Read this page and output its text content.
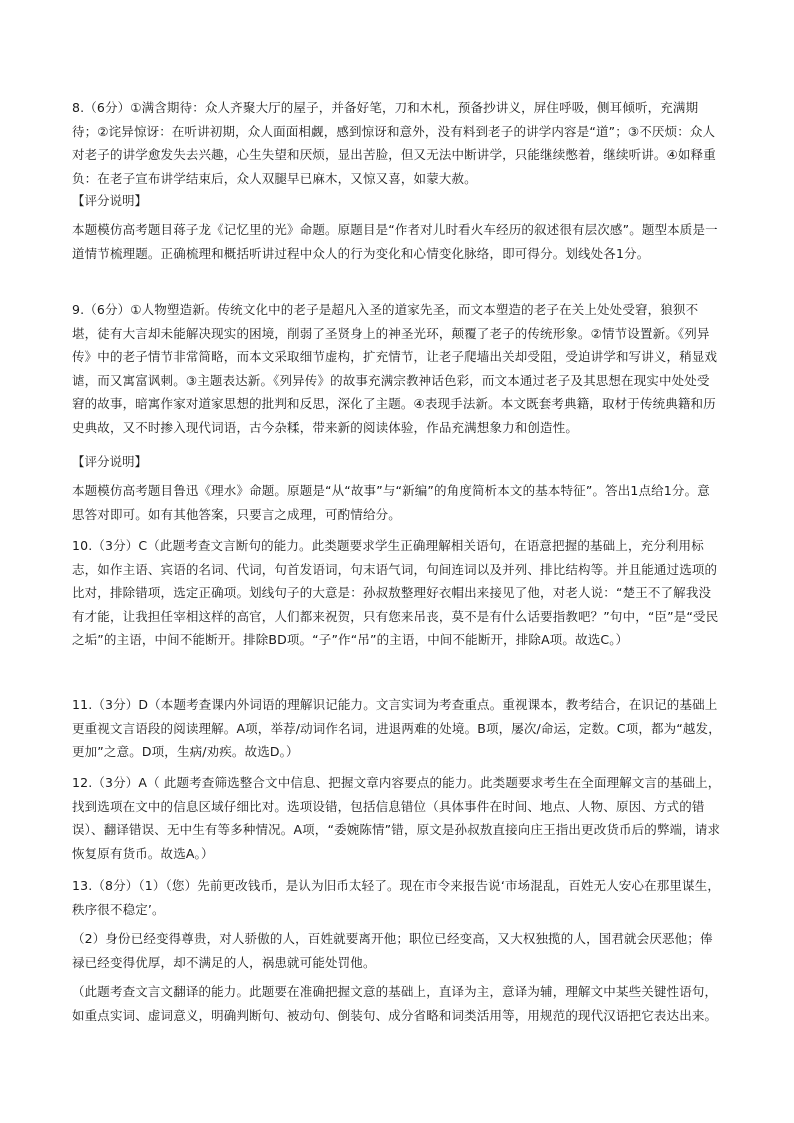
8.（6分）①满含期待：众人齐聚大厅的屋子，并备好笔，刀和木札，预备抄讲义，屏住呼吸，侧耳倾听，充满期待；②诧异惊讶：在听讲初期，众人面面相觑，感到惊讶和意外，没有料到老子的讲学内容是“道”；③不厌烦：众人对老子的讲学愈发失去兴趣，心生失望和厌烦，显出苦脸，但又无法中断讲学，只能继续憋着，继续听讲。④如释重负：在老子宣布讲学结束后，众人双腿早已麻木，又惊又喜，如蒙大赦。

【评分说明】

本题模仿高考题目蒋子龙《记忆里的光》命题。原题目是“作者对儿时看火车经历的叙述很有层次感”。题型本质是一道情节梳理题。正确梳理和概括听讲过程中众人的行为变化和心情变化脉络，即可得分。划线处各1分。

9.（6分）①人物塑造新。传统文化中的老子是超凡入圣的道家先圣，而文本塑造的老子在关上处处受窘，狼狈不堪，徒有大言却未能解决现实的困境，削弱了圣贤身上的神圣光环，颠覆了老子的传统形象。②情节设置新。《列异传》中的老子情节非常简略，而本文采取细节虚构，扩充情节，让老子爬墙出关却受阻，受迫讲学和写讲义，稍显戏谑，而又寓富讽刺。③主题表达新。《列异传》的故事充满宗教神话色彩，而文本通过老子及其思想在现实中处处受窘的故事，暗寓作家对道家思想的批判和反思，深化了主题。④表现手法新。本文既套考典籍，取材于传统典籍和历史典故，又不时掺入现代词语，古今杂糅，带来新的阅读体验，作品充满想象力和创造性。

【评分说明】

本题模仿高考题目鲁迅《理水》命题。原题是“从“故事”与“新编”的角度简析本文的基本特征”。答出1点给1分。意思答对即可。如有其他答案，只要言之成理，可酌情给分。

10.（3分）C（此题考查文言断句的能力。此类题要求学生正确理解相关语句，在语意把握的基础上，充分利用标志，如作主语、宾语的名词、代词，句首发语词，句末语气词，句间连词以及并列、排比结构等。并且能通过选项的比对，排除错项，选定正确项。划线句子的大意是：孙叔敖整理好衣帽出来接见了他，对老人说：“楚王不了解我没有才能，让我担任宰相这样的高官，人们都来祝贺，只有您来吊丧，莫不是有什么话要指教吧？”句中，“臣”是“受民之垢”的主语，中间不能断开。排除BD项。“子”作“吊”的主语，中间不能断开，排除A项。故选C。）

11.（3分）D（本题考查课内外词语的理解识记能力。文言实词为考查重点。重视课本，教考结合，在识记的基础上更重视文言语段的阅读理解。A项，举荐/动词作名词，进退两难的处境。B项，屡次/命运，定数。C项，都为“越发，更加”之意。D项，生病/劝疾。故选D。）

12.（3分）A（ 此题考查筛选整合文中信息、把握文章内容要点的能力。此类题要求考生在全面理解文言的基础上，找到选项在文中的信息区域仔细比对。选项设错，包括信息错位（具体事件在时间、地点、人物、原因、方式的错误）、翻译错误、无中生有等多种情况。A项，“委婉陈情”错，原文是孙叔敖直接向庄王指出更改货币后的弊端，请求恢复原有货币。故选A。）

13.（8分）（1）（您）先前更改钱币，是认为旧币太轻了。现在市令来报告说‘市场混乱，百姓无人安心在那里谋生，秩序很不稳定’。

（2）身份已经变得尊贵，对人骄傲的人，百姓就要离开他；职位已经变高，又大权独揽的人，国君就会厌恶他；俸禄已经变得优厚，却不满足的人，祸患就可能处罚他。

（此题考查文言文翻译的能力。此题要在准确把握文意的基础上，直译为主，意译为辅，理解文中某些关键性语句，如重点实词、虚词意义，明确判断句、被动句、倒装句、成分省略和词类活用等，用规范的现代汉语把它表达出来。
